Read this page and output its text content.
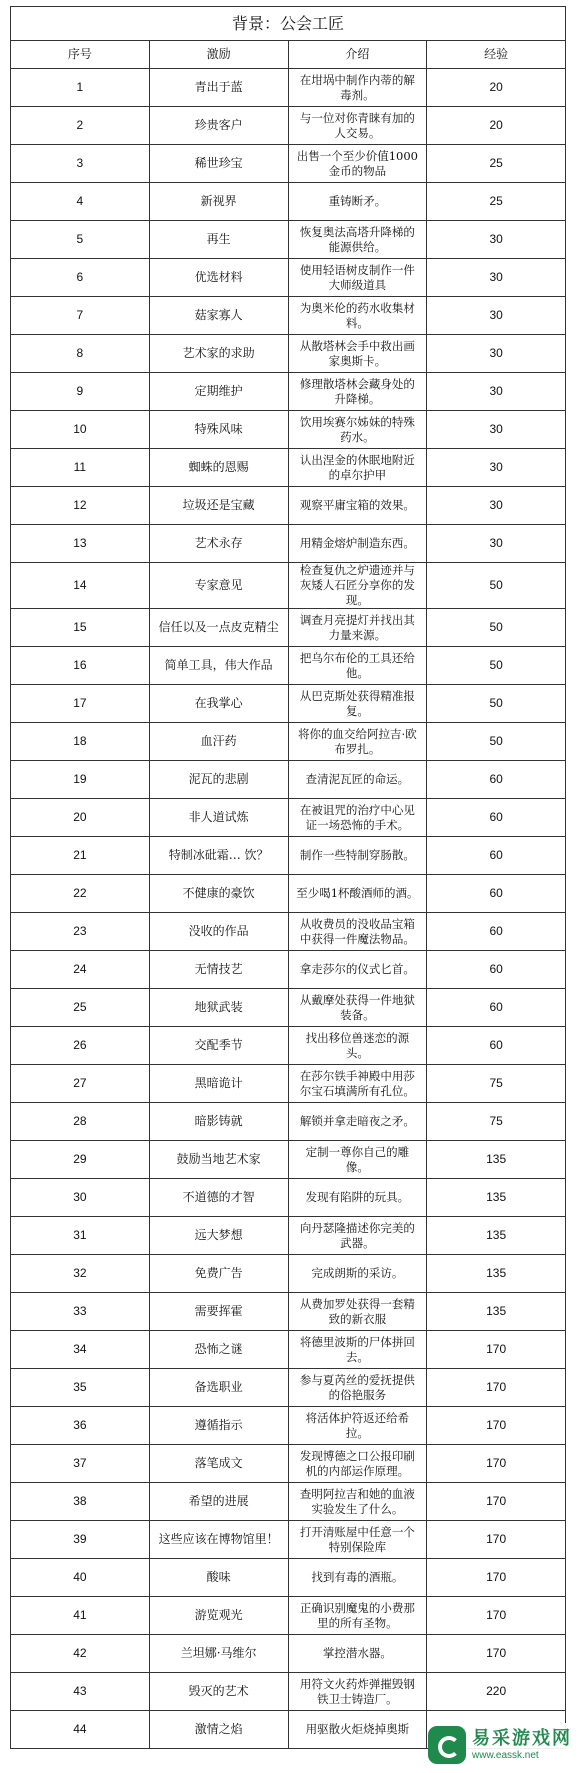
背景：公会工匠			
序号	激励	介绍	经验
1	青出于蓝	在坩埚中制作内蒂的解毒剂。	20
2	珍贵客户	与一位对你青睐有加的人交易。	20
3	稀世珍宝	出售一个至少价值1000金币的物品	25
4	新视界	重铸断矛。	25
5	再生	恢复奥法高塔升降梯的能源供给。	30
6	优选材料	使用轻语树皮制作一件大师级道具	30
7	菇家寡人	为奥米伦的药水收集材料。	30
8	艺术家的求助	从散塔林会手中救出画家奥斯卡。	30
9	定期维护	修理散塔林会藏身处的升降梯。	30
10	特殊风味	饮用埃赛尔姊妹的特殊药水。	30
11	蜘蛛的恩赐	认出涅金的休眠地附近的卓尔护甲	30
12	垃圾还是宝藏	观察平庸宝箱的效果。	30
13	艺术永存	用精金熔炉制造东西。	30
14	专家意见	检查复仇之炉遗迹并与灰矮人石匠分享你的发现。	50
15	信任以及一点皮克精尘	调查月亮提灯并找出其力量来源。	50
16	简单工具，伟大作品	把乌尔布伦的工具还给他。	50
17	在我掌心	从巴克斯处获得精准报复。	50
18	血汗药	将你的血交给阿拉吉·欧布罗扎。	50
19	泥瓦的悲剧	查清泥瓦匠的命运。	60
20	非人道试炼	在被诅咒的治疗中心见证一场恐怖的手术。	60
21	特制冰砒霜… 饮？	制作一些特制穿肠散。	60
22	不健康的豪饮	至少喝1杯酸酒师的酒。	60
23	没收的作品	从收费员的没收品宝箱中获得一件魔法物品。	60
24	无情技艺	拿走莎尔的仪式匕首。	60
25	地狱武装	从戴摩处获得一件地狱装备。	60
26	交配季节	找出移位兽迷恋的源头。	60
27	黑暗诡计	在莎尔铁手神殿中用莎尔宝石填满所有孔位。	75
28	暗影铸就	解锁并拿走暗夜之矛。	75
29	鼓励当地艺术家	定制一尊你自己的雕像。	135
30	不道德的才智	发现有陷阱的玩具。	135
31	远大梦想	向丹瑟隆描述你完美的武器。	135
32	免费广告	完成朗斯的采访。	135
33	需要挥霍	从费加罗处获得一套精致的新衣服	135
34	恐怖之谜	将德里波斯的尸体拼回去。	170
35	备选职业	参与夏芮丝的爱抚提供的俗艳服务	170
36	遵循指示	将活体护符返还给希拉。	170
37	落笔成文	发现博德之口公报印刷机的内部运作原理。	170
38	希望的进展	查明阿拉吉和她的血液实验发生了什么。	170
39	这些应该在博物馆里！	打开清账屋中任意一个特别保险库	170
40	酸味	找到有毒的酒瓶。	170
41	游览观光	正确识别魔鬼的小费那里的所有圣物。	170
42	兰坦娜·马维尔	掌控潜水器。	170
43	毁灭的艺术	用符文火药炸弹摧毁钢铁卫士铸造厂。	220
44	激情之焰	用驱散火炬烧掉奥斯		易采游戏网
www.eassk.net
